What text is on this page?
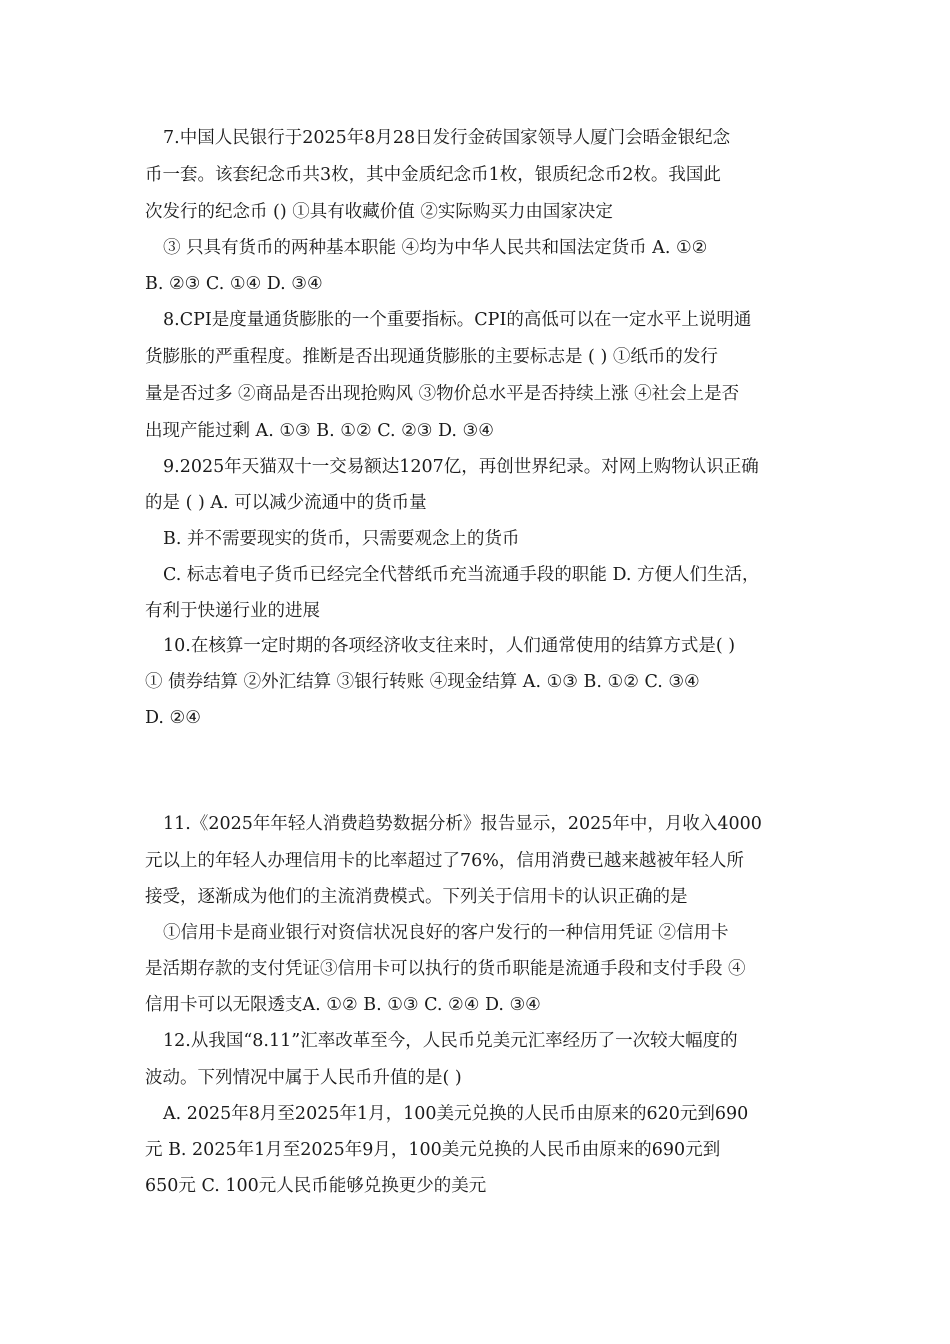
7.中国人民银行于2025年8月28日发行金砖国家领导人厦门会晤金银纪念
币一套。该套纪念币共3枚，其中金质纪念币1枚，银质纪念币2枚。我国此
次发行的纪念币 () ①具有收藏价值 ②实际购买力由国家决定
③ 只具有货币的两种基本职能 ④均为中华人民共和国法定货币 A. ①②
B. ②③ C. ①④ D. ③④
8.CPI是度量通货膨胀的一个重要指标。CPI的高低可以在一定水平上说明通
货膨胀的严重程度。推断是否出现通货膨胀的主要标志是 ( ) ①纸币的发行
量是否过多 ②商品是否出现抢购风 ③物价总水平是否持续上涨 ④社会上是否
出现产能过剩 A. ①③ B. ①② C. ②③ D. ③④
9.2025年天猫双十一交易额达1207亿，再创世界纪录。对网上购物认识正确
的是 ( ) A. 可以减少流通中的货币量
B. 并不需要现实的货币，只需要观念上的货币
C. 标志着电子货币已经完全代替纸币充当流通手段的职能 D. 方便人们生活，
有利于快递行业的进展
10.在核算一定时期的各项经济收支往来时，人们通常使用的结算方式是( )
① 债券结算 ②外汇结算 ③银行转账 ④现金结算 A. ①③ B. ①② C. ③④
D. ②④
11.《2025年年轻人消费趋势数据分析》报告显示，2025年中，月收入4000
元以上的年轻人办理信用卡的比率超过了76%，信用消费已越来越被年轻人所
接受，逐渐成为他们的主流消费模式。下列关于信用卡的认识正确的是
①信用卡是商业银行对资信状况良好的客户发行的一种信用凭证 ②信用卡
是活期存款的支付凭证③信用卡可以执行的货币职能是流通手段和支付手段 ④
信用卡可以无限透支A. ①② B. ①③ C. ②④ D. ③④
12.从我国“8.11”汇率改革至今，人民币兑美元汇率经历了一次较大幅度的
波动。下列情况中属于人民币升值的是( )
A. 2025年8月至2025年1月，100美元兑换的人民币由原来的620元到690
元 B. 2025年1月至2025年9月，100美元兑换的人民币由原来的690元到
650元 C. 100元人民币能够兑换更少的美元
